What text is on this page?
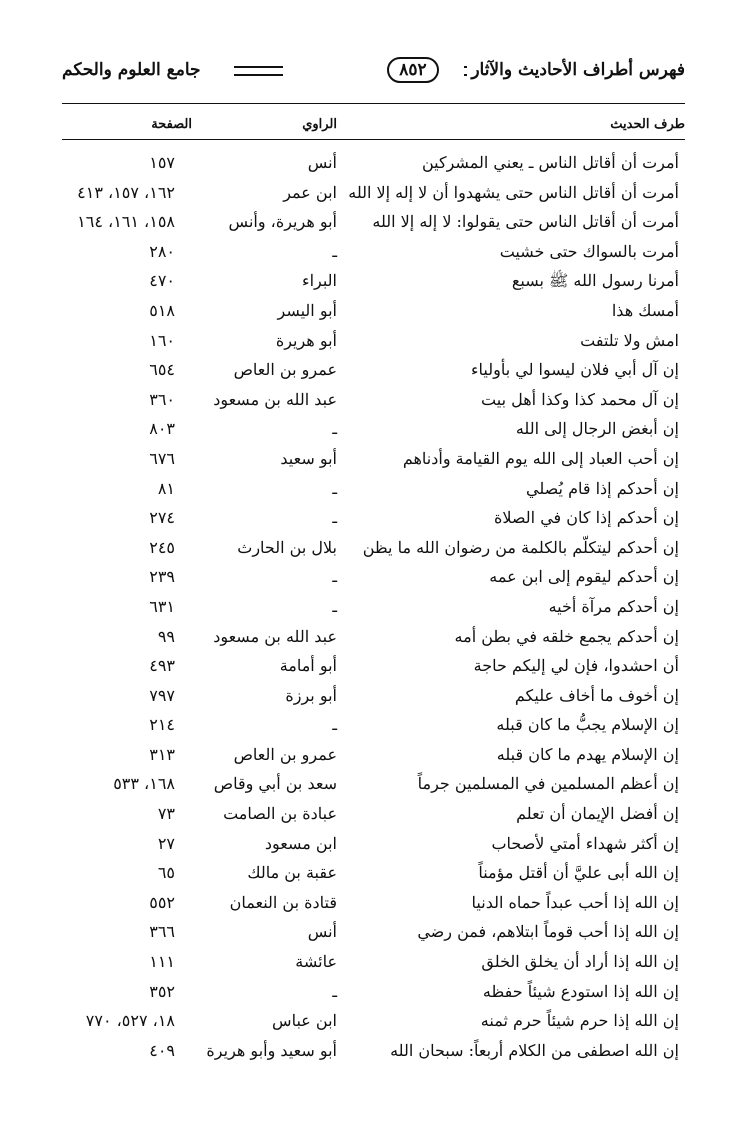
فهرس أطراف الأحاديث والآثار
٨٥٢
جامع العلوم والحكم
طرف الحديث
الراوي
الصفحة
أمرت أن أقاتل الناس ـ يعني المشركين
أنس
١٥٧
أمرت أن أقاتل الناس حتى يشهدوا أن لا إله إلا الله
ابن عمر
١٦٢، ١٥٧، ٤١٣
أمرت أن أقاتل الناس حتى يقولوا: لا إله إلا الله
أبو هريرة، وأنس
١٥٨، ١٦١، ١٦٤
أمرت بالسواك حتى خشيت
ـ
٢٨٠
أمرنا رسول الله ﷺ بسبع
البراء
٤٧٠
أمسك هذا
أبو اليسر
٥١٨
امش ولا تلتفت
أبو هريرة
١٦٠
إن آل أبي فلان ليسوا لي بأولياء
عمرو بن العاص
٦٥٤
إن آل محمد كذا وكذا أهل بيت
عبد الله بن مسعود
٣٦٠
إن أبغض الرجال إلى الله
ـ
٨٠٣
إن أحب العباد إلى الله يوم القيامة وأدناهم
أبو سعيد
٦٧٦
إن أحدكم إذا قام يُصلي
ـ
٨١
إن أحدكم إذا كان في الصلاة
ـ
٢٧٤
إن أحدكم ليتكلّم بالكلمة من رضوان الله ما يظن
بلال بن الحارث
٢٤٥
إن أحدكم ليقوم إلى ابن عمه
ـ
٢٣٩
إن أحدكم مرآة أخيه
ـ
٦٣١
إن أحدكم يجمع خلقه في بطن أمه
عبد الله بن مسعود
٩٩
أن احشدوا، فإن لي إليكم حاجة
أبو أمامة
٤٩٣
إن أخوف ما أخاف عليكم
أبو برزة
٧٩٧
إن الإسلام يجبُّ ما كان قبله
ـ
٢١٤
إن الإسلام يهدم ما كان قبله
عمرو بن العاص
٣١٣
إن أعظم المسلمين في المسلمين جرماً
سعد بن أبي وقاص
١٦٨، ٥٣٣
إن أفضل الإيمان أن تعلم
عبادة بن الصامت
٧٣
إن أكثر شهداء أمتي لأصحاب
ابن مسعود
٢٧
إن الله أبى عليَّ أن أقتل مؤمناً
عقبة بن مالك
٦٥
إن الله إذا أحب عبداً حماه الدنيا
قتادة بن النعمان
٥٥٢
إن الله إذا أحب قوماً ابتلاهم، فمن رضي
أنس
٣٦٦
إن الله إذا أراد أن يخلق الخلق
عائشة
١١١
إن الله إذا استودع شيئاً حفظه
ـ
٣٥٢
إن الله إذا حرم شيئاً حرم ثمنه
ابن عباس
١٨، ٥٢٧، ٧٧٠
إن الله اصطفى من الكلام أربعاً: سبحان الله
أبو سعيد وأبو هريرة
٤٠٩
